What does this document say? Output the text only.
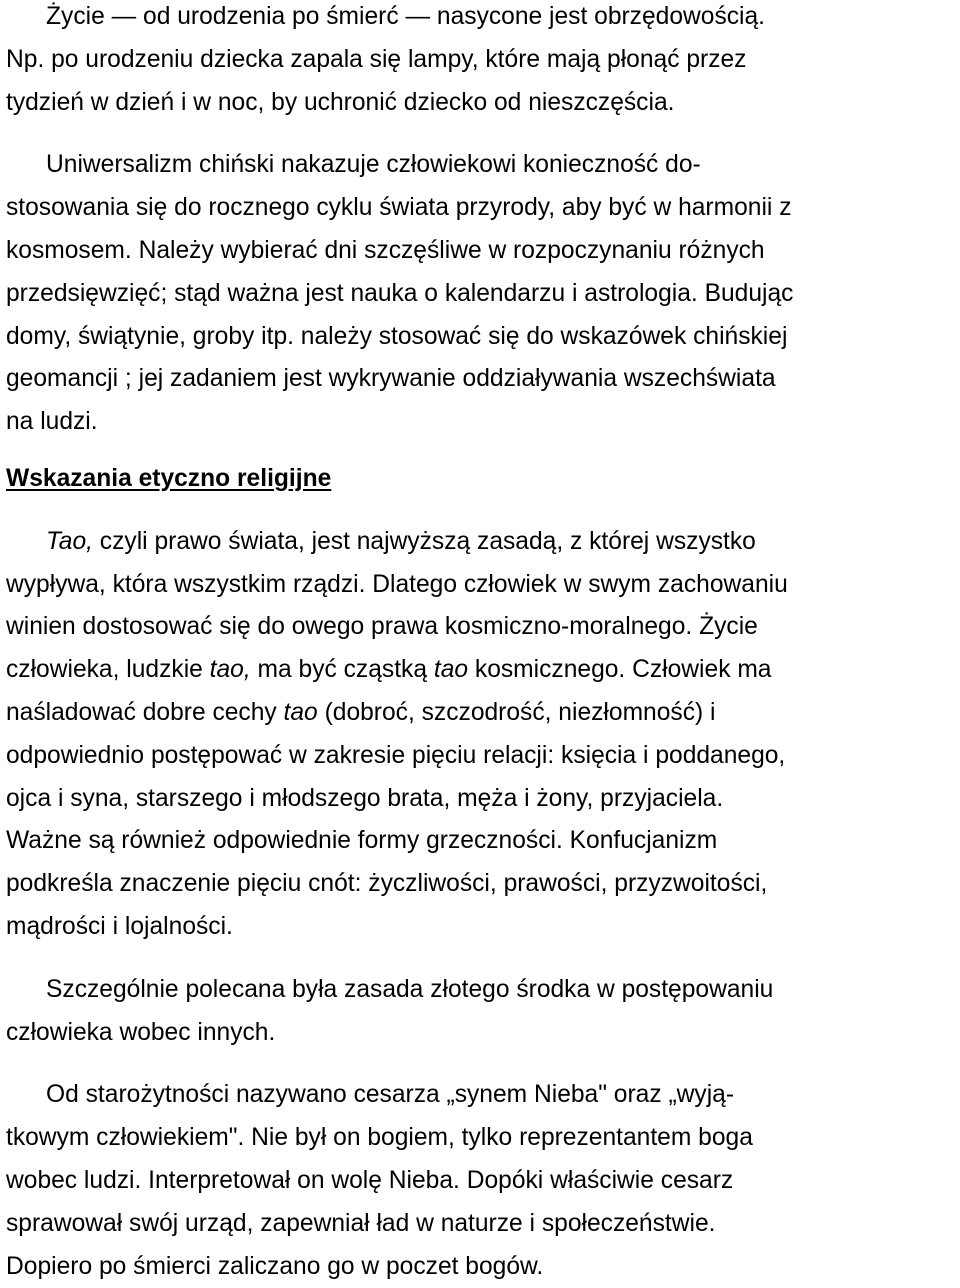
Życie — od urodzenia po śmierć — nasycone jest obrzędowością.
Np. po urodzeniu dziecka zapala się lampy, które mają płonąć przez
tydzień w dzień i w noc, by uchronić dziecko od nieszczęścia.
Uniwersalizm chiński nakazuje człowiekowi konieczność do-
stosowania się do rocznego cyklu świata przyrody, aby być w harmonii z
kosmosem. Należy wybierać dni szczęśliwe w rozpoczynaniu różnych
przedsięwzięć; stąd ważna jest nauka o kalendarzu i astrologia. Budując
domy, świątynie, groby itp. należy stosować się do wskazówek chińskiej
geomancji ; jej zadaniem jest wykrywanie oddziaływania wszechświata
na ludzi.
Wskazania etyczno religijne
Tao, czyli prawo świata, jest najwyższą zasadą, z której wszystko
wypływa, która wszystkim rządzi. Dlatego człowiek w swym zachowaniu
winien dostosować się do owego prawa kosmiczno-moralnego. Życie
człowieka, ludzkie tao, ma być cząstką tao kosmicznego. Człowiek ma
naśladować dobre cechy tao (dobroć, szczodrość, niezłomność) i
odpowiednio postępować w zakresie pięciu relacji: księcia i poddanego,
ojca i syna, starszego i młodszego brata, męża i żony, przyjaciela.
Ważne są również odpowiednie formy grzeczności. Konfucjanizm
podkreśla znaczenie pięciu cnót: życzliwości, prawości, przyzwoitości,
mądrości i lojalności.
Szczególnie polecana była zasada złotego środka w postępowaniu
człowieka wobec innych.
Od starożytności nazywano cesarza „synem Nieba" oraz „wyją-
tkowym człowiekiem". Nie był on bogiem, tylko reprezentantem boga
wobec ludzi. Interpretował on wolę Nieba. Dopóki właściwie cesarz
sprawował swój urząd, zapewniał ład w naturze i społeczeństwie.
Dopiero po śmierci zaliczano go w poczet bogów.
